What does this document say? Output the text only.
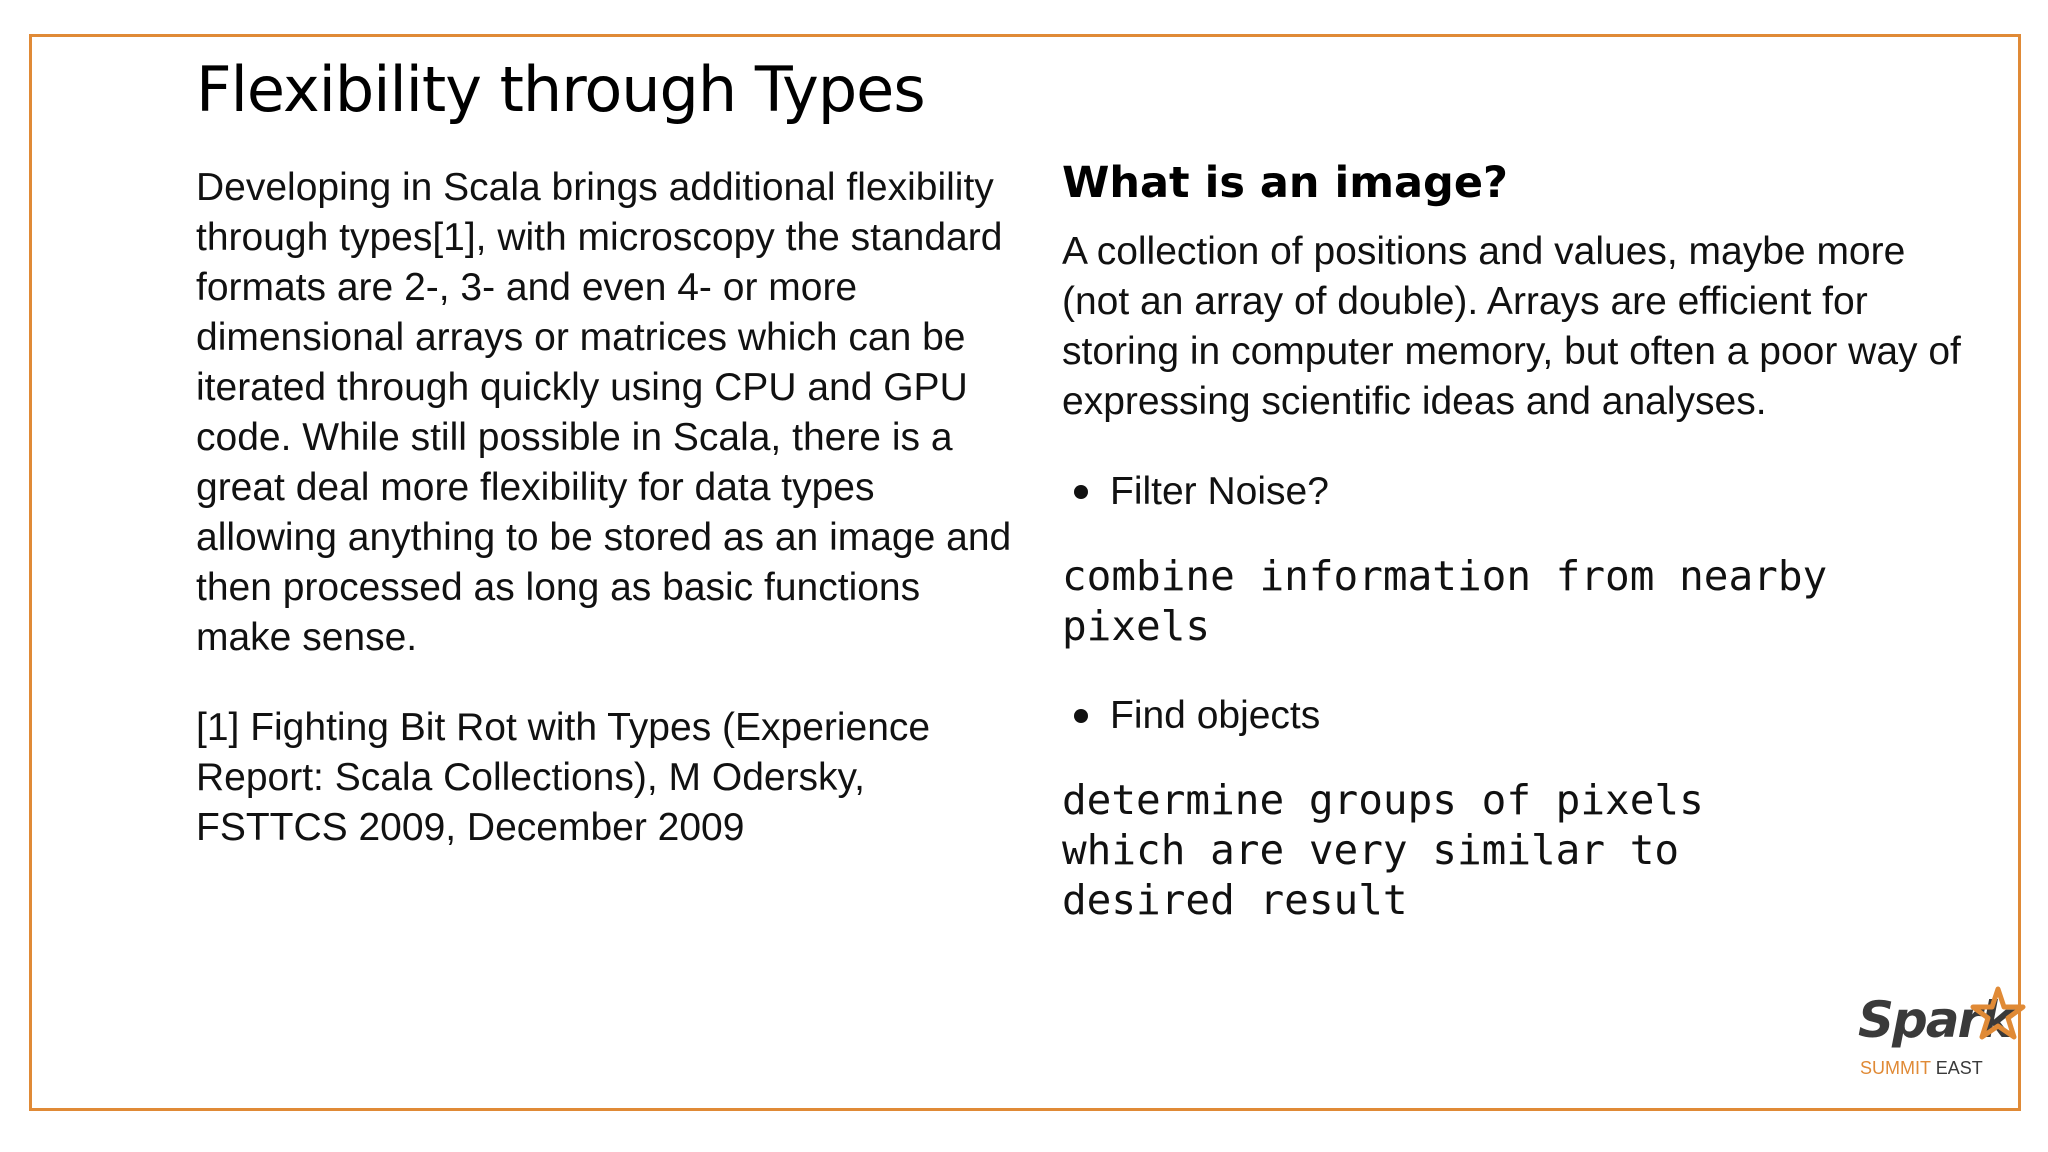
Flexibility through Types

Developing in Scala brings additional flexibility through types[1], with microscopy the standard formats are 2-, 3- and even 4- or more dimensional arrays or matrices which can be iterated through quickly using CPU and GPU code. While still possible in Scala, there is a great deal more flexibility for data types allowing anything to be stored as an image and then processed as long as basic functions make sense.

[1] Fighting Bit Rot with Types (Experience Report: Scala Collections), M Odersky, FSTTCS 2009, December 2009

What is an image?

A collection of positions and values, maybe more (not an array of double). Arrays are efficient for storing in computer memory, but often a poor way of expressing scientific ideas and analyses.

Filter Noise?
combine information from nearby
pixels
Find objects
determine groups of pixels
which are very similar to
desired result
Spark
SUMMIT EAST
